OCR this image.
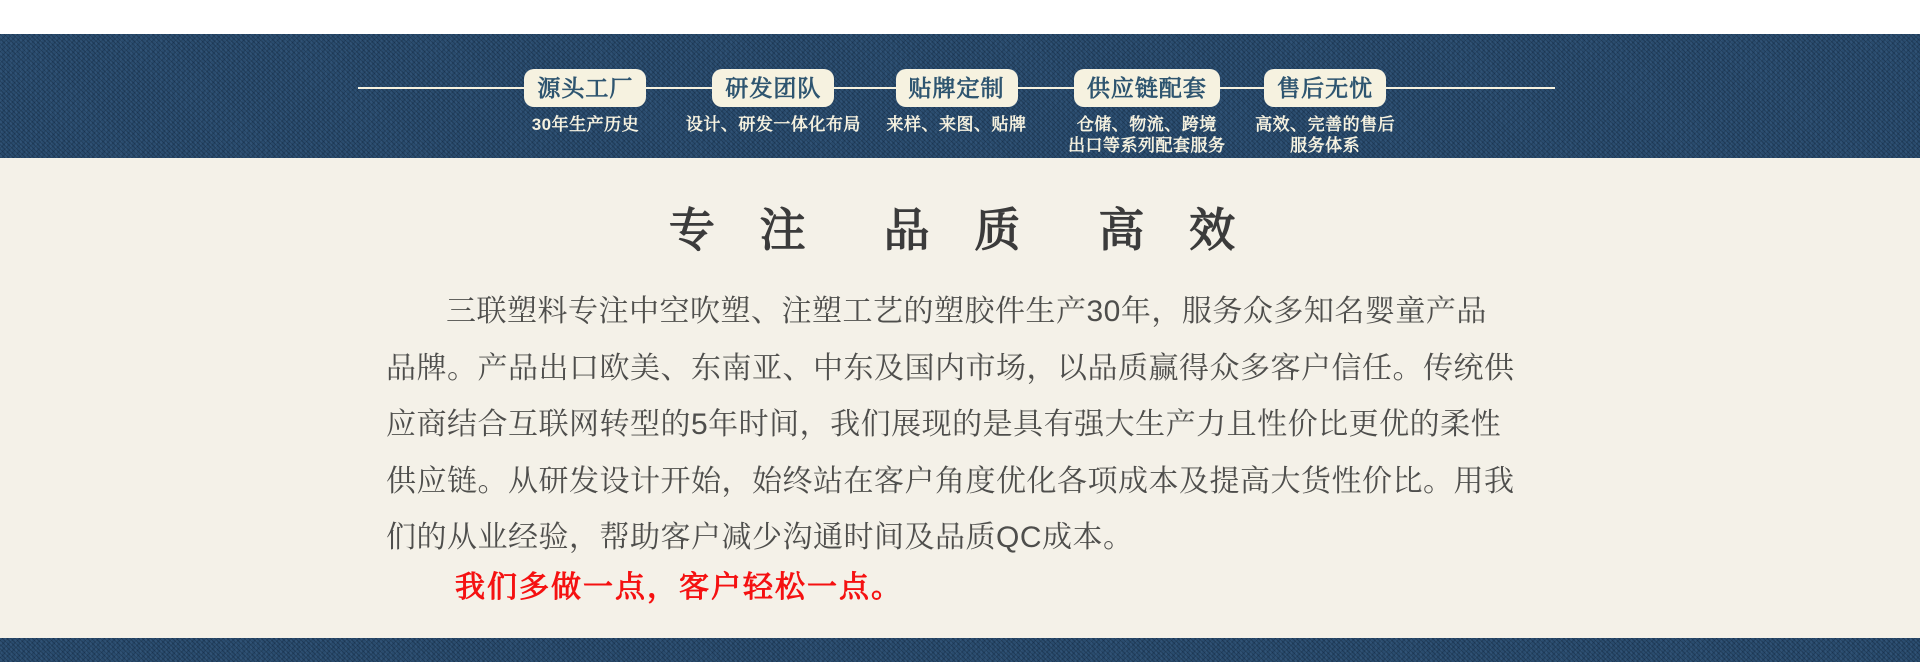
源头工厂
30年生产历史
研发团队
设计、研发一体化布局
贴牌定制
来样、来图、贴牌
供应链配套
仓储、物流、跨境
出口等系列配套服务
售后无忧
高效、完善的售后
服务体系
专 注　品 质　高 效
三联塑料专注中空吹塑、注塑工艺的塑胶件生产30年，服务众多知名婴童产品
品牌。产品出口欧美、东南亚、中东及国内市场，以品质赢得众多客户信任。传统供
应商结合互联网转型的5年时间，我们展现的是具有强大生产力且性价比更优的柔性
供应链。从研发设计开始，始终站在客户角度优化各项成本及提高大货性价比。用我
们的从业经验，帮助客户减少沟通时间及品质QC成本。
我们多做一点，客户轻松一点。
